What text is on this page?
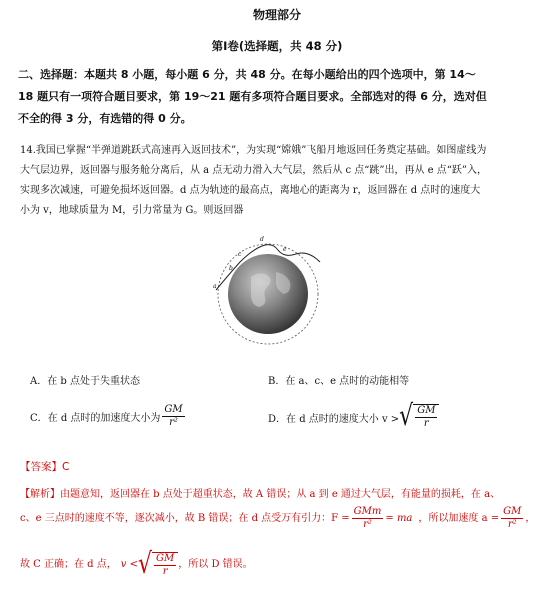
物理部分
第Ⅰ卷(选择题，共 48 分)
二、选择题：本题共 8 小题，每小题 6 分，共 48 分。在每小题给出的四个选项中，第 14～
18 题只有一项符合题目要求，第 19～21 题有多项符合题目要求。全部选对的得 6 分，选对但
不全的得 3 分，有选错的得 0 分。
14.我国已掌握“半弹道跳跃式高速再入返回技术”，为实现“嫦娥”飞船月地返回任务奠定基础。如图虚线为
大气层边界，返回器与服务舱分离后，从 a 点无动力滑入大气层，然后从 c 点“跳”出，再从 e 点“跃”入，
实现多次减速，可避免损坏返回器。d 点为轨迹的最高点，离地心的距离为 r，返回器在 d 点时的速度大
小为 v，地球质量为 M，引力常量为 G。则返回器
a
b
c
d
e
A．在 b 点处于失重状态	B．在 a、c、e 点时的动能相等
C．在 d 点时的加速度大小为 $\frac{GM}{\text{r²}}$	D．在 d 点时的速度大小 v > √ $\frac{GM}{r}$
【答案】C
【解析】由题意知，返回器在 b 点处于超重状态，故 A 错误；从 a 到 e 通过大气层，有能量的损耗，在 a、
c、e 三点时的速度不等，逐次减小，故 B 错误；在 d 点受万有引力：$F = \frac{\text{GMm}}{\text{r²}}$ = ma ，所以加速度 $a = \frac{GM}{\text{r²}}$ ，
故 C 正确；在 d 点， v < √ $\frac{GM}{r}$ ，所以 D 错误。
